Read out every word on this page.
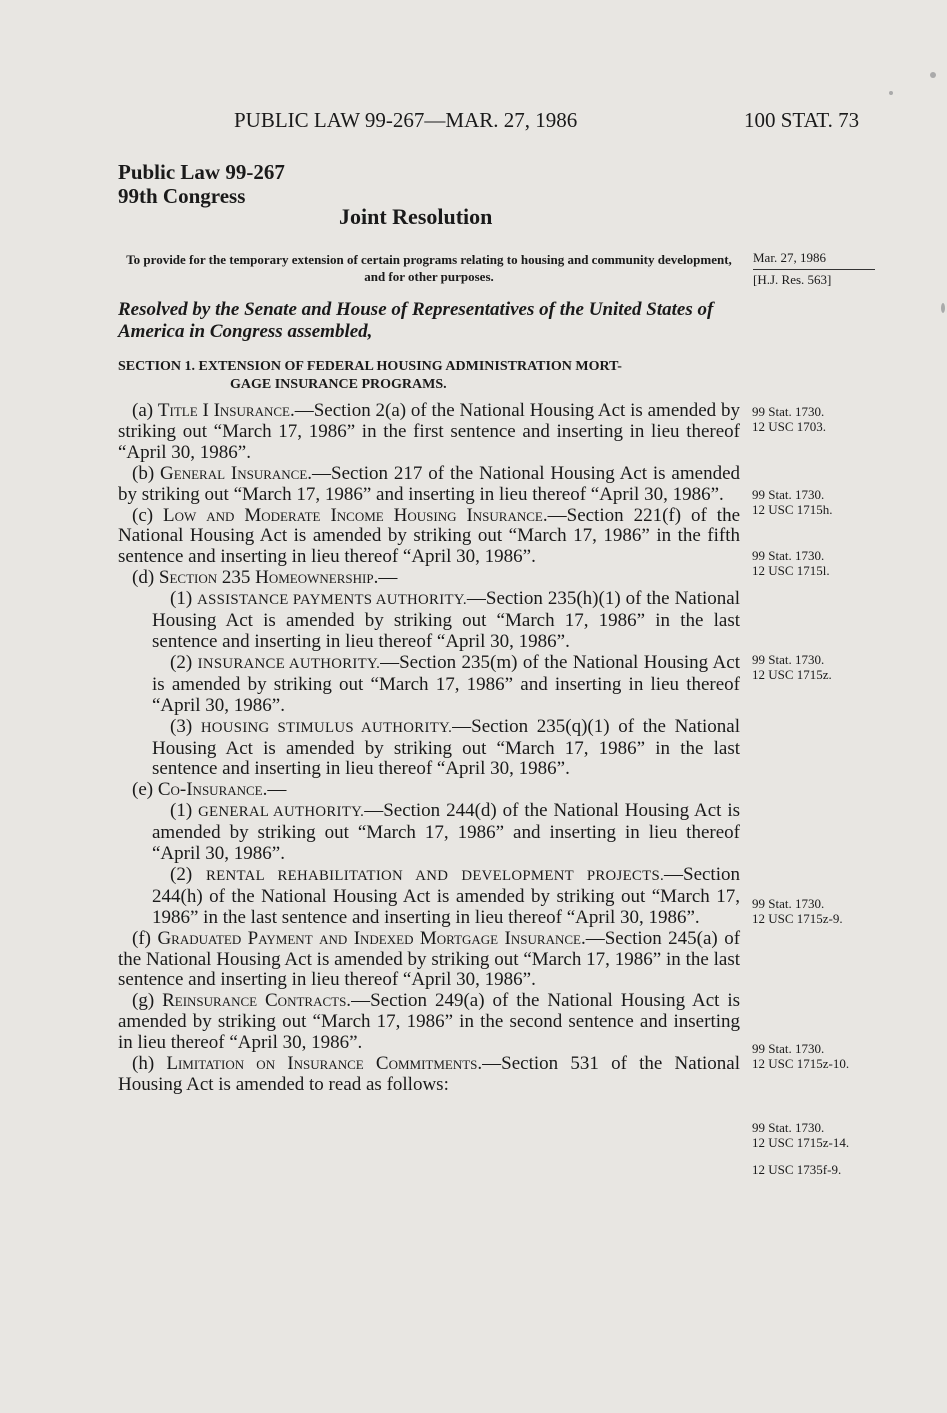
PUBLIC LAW 99-267—MAR. 27, 1986	100 STAT. 73
Public Law 99-267
99th Congress
Joint Resolution
To provide for the temporary extension of certain programs relating to housing and community development, and for other purposes.
Mar. 27, 1986
[H.J. Res. 563]
Resolved by the Senate and House of Representatives of the United States of America in Congress assembled,
SECTION 1. EXTENSION OF FEDERAL HOUSING ADMINISTRATION MORT-
GAGE INSURANCE PROGRAMS.

(a) Title I Insurance.—Section 2(a) of the National Housing Act is amended by striking out “March 17, 1986” in the first sentence and inserting in lieu thereof “April 30, 1986”.

(b) General Insurance.—Section 217 of the National Housing Act is amended by striking out “March 17, 1986” and inserting in lieu thereof “April 30, 1986”.

(c) Low and Moderate Income Housing Insurance.—Section 221(f) of the National Housing Act is amended by striking out “March 17, 1986” in the fifth sentence and inserting in lieu thereof “April 30, 1986”.

(d) Section 235 Homeownership.—

(1) ASSISTANCE PAYMENTS AUTHORITY.—Section 235(h)(1) of the National Housing Act is amended by striking out “March 17, 1986” in the last sentence and inserting in lieu thereof “April 30, 1986”.

(2) INSURANCE AUTHORITY.—Section 235(m) of the National Housing Act is amended by striking out “March 17, 1986” and inserting in lieu thereof “April 30, 1986”.

(3) HOUSING STIMULUS AUTHORITY.—Section 235(q)(1) of the National Housing Act is amended by striking out “March 17, 1986” in the last sentence and inserting in lieu thereof “April 30, 1986”.

(e) Co-Insurance.—

(1) GENERAL AUTHORITY.—Section 244(d) of the National Housing Act is amended by striking out “March 17, 1986” and inserting in lieu thereof “April 30, 1986”.

(2) RENTAL REHABILITATION AND DEVELOPMENT PROJECTS.—Section 244(h) of the National Housing Act is amended by striking out “March 17, 1986” in the last sentence and inserting in lieu thereof “April 30, 1986”.

(f) Graduated Payment and Indexed Mortgage Insurance.—Section 245(a) of the National Housing Act is amended by striking out “March 17, 1986” in the last sentence and inserting in lieu thereof “April 30, 1986”.

(g) Reinsurance Contracts.—Section 249(a) of the National Housing Act is amended by striking out “March 17, 1986” in the second sentence and inserting in lieu thereof “April 30, 1986”.

(h) Limitation on Insurance Commitments.—Section 531 of the National Housing Act is amended to read as follows:

99 Stat. 1730.
12 USC 1703.
99 Stat. 1730.
12 USC 1715h.
99 Stat. 1730.
12 USC 1715l.
99 Stat. 1730.
12 USC 1715z.
99 Stat. 1730.
12 USC 1715z-9.
99 Stat. 1730.
12 USC 1715z-10.
99 Stat. 1730.
12 USC 1715z-14.
12 USC 1735f-9.
